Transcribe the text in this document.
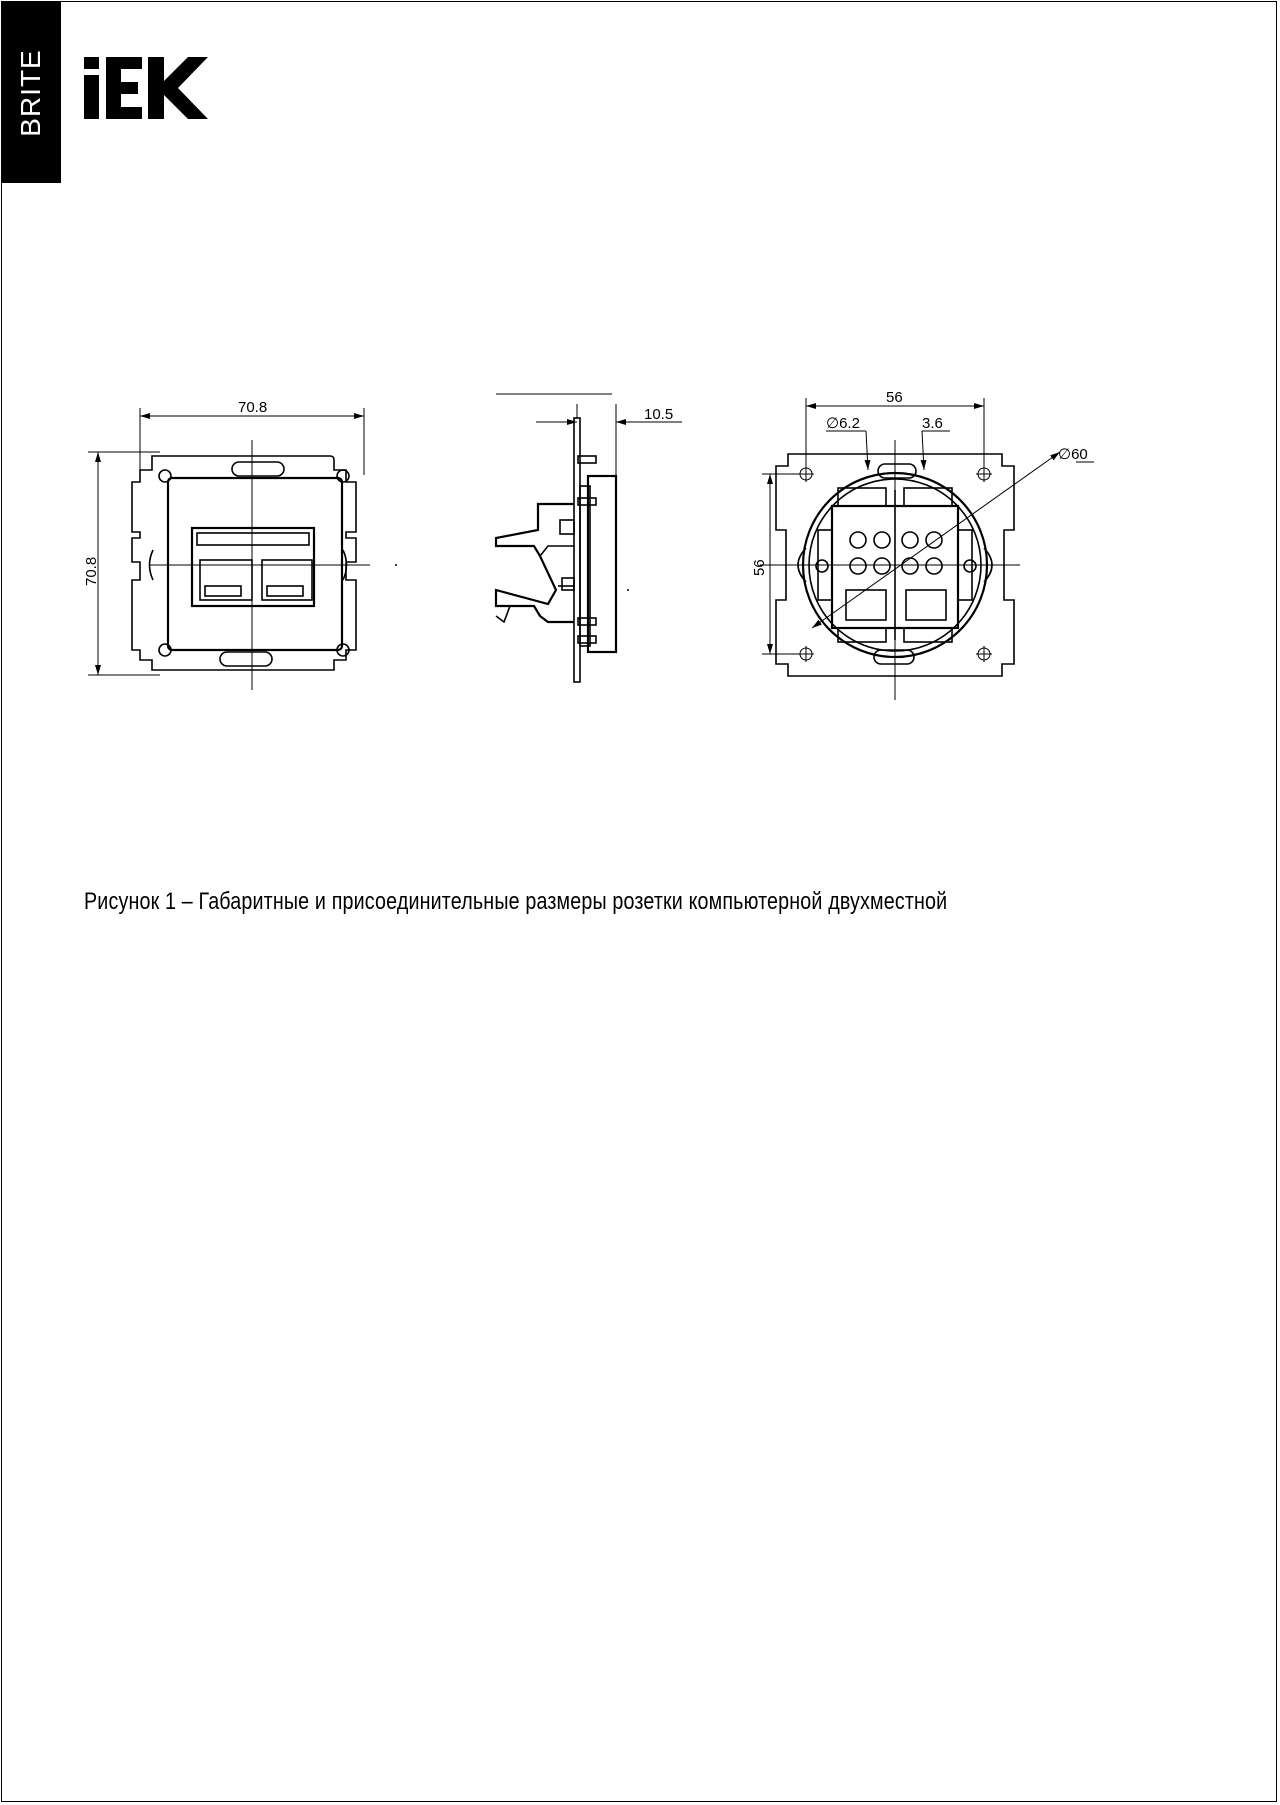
BRITE
70.8
70.8
10.5
56
56
∅6.2	3.6
∅60
Рисунок 1 – Габаритные и присоединительные размеры розетки компьютерной двухместной
